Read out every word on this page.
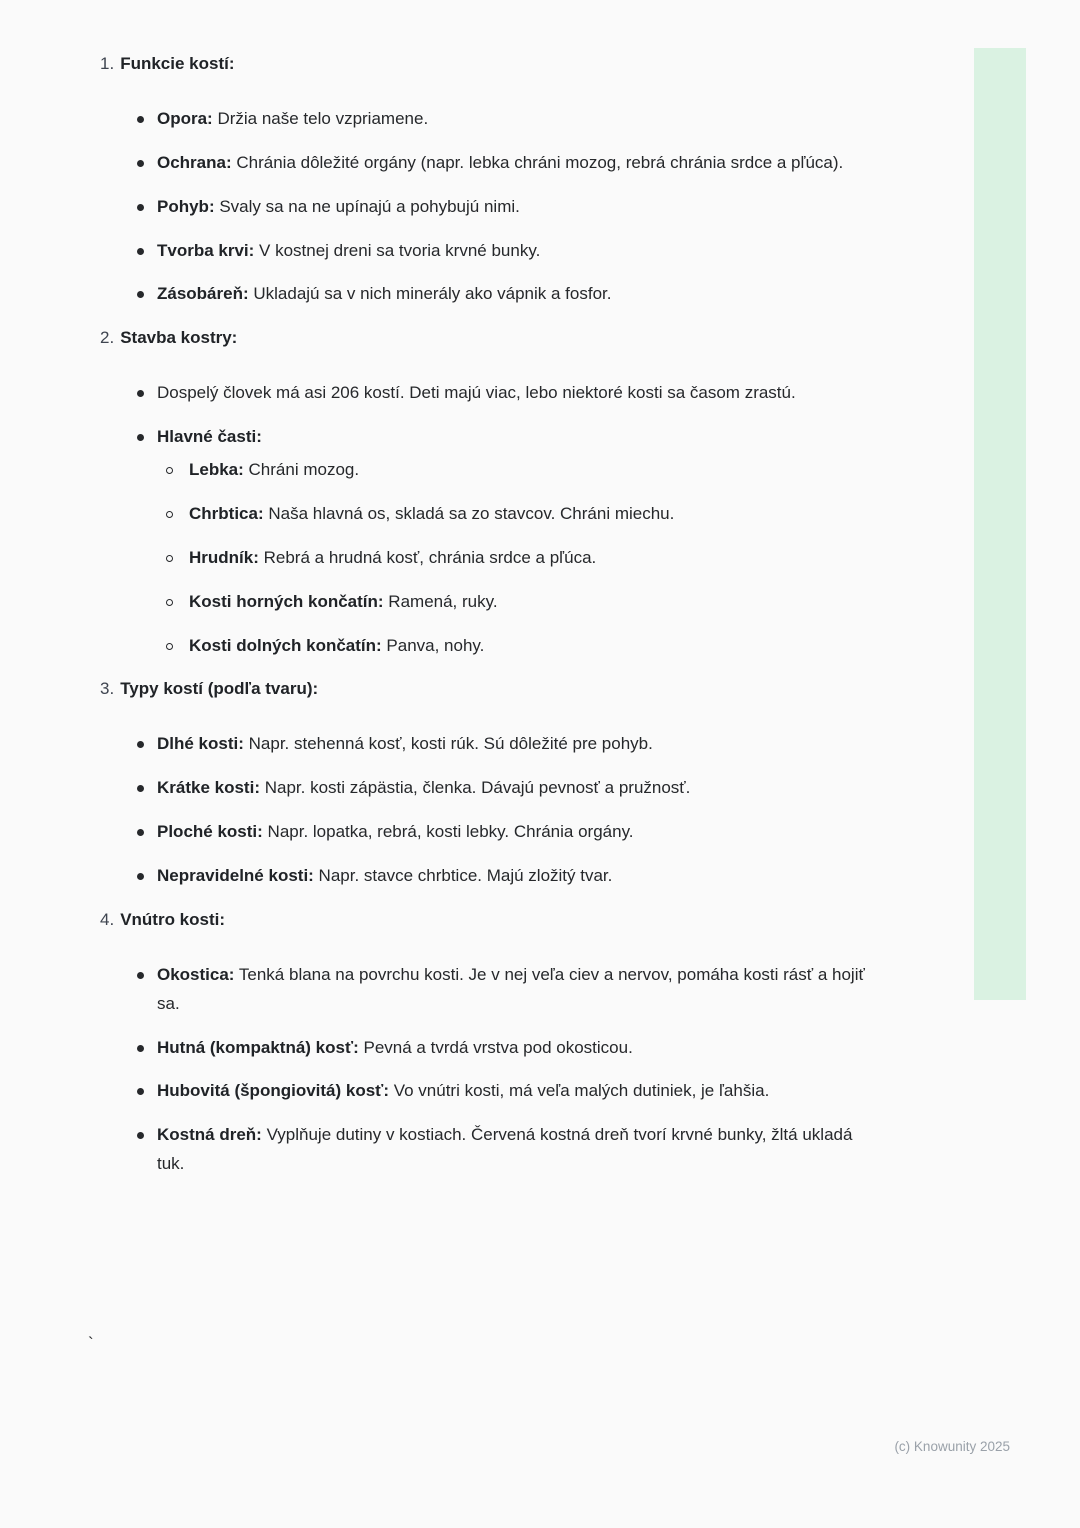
1. Funkcie kostí:
Opora: Držia naše telo vzpriamene.
Ochrana: Chránia dôležité orgány (napr. lebka chráni mozog, rebrá chránia srdce a pľúca).
Pohyb: Svaly sa na ne upínajú a pohybujú nimi.
Tvorba krvi: V kostnej dreni sa tvoria krvné bunky.
Zásobáreň: Ukladajú sa v nich minerály ako vápnik a fosfor.
2. Stavba kostry:
Dospelý človek má asi 206 kostí. Deti majú viac, lebo niektoré kosti sa časom zrastú.
Hlavné časti:
Lebka: Chráni mozog.
Chrbtica: Naša hlavná os, skladá sa zo stavcov. Chráni miechu.
Hrudník: Rebrá a hrudná kosť, chránia srdce a pľúca.
Kosti horných končatín: Ramená, ruky.
Kosti dolných končatín: Panva, nohy.
3. Typy kostí (podľa tvaru):
Dlhé kosti: Napr. stehenná kosť, kosti rúk. Sú dôležité pre pohyb.
Krátke kosti: Napr. kosti zápästia, členka. Dávajú pevnosť a pružnosť.
Ploché kosti: Napr. lopatka, rebrá, kosti lebky. Chránia orgány.
Nepravidelné kosti: Napr. stavce chrbtice. Majú zložitý tvar.
4. Vnútro kosti:
Okostica: Tenká blana na povrchu kosti. Je v nej veľa ciev a nervov, pomáha kosti rásť a hojiť sa.
Hutná (kompaktná) kosť: Pevná a tvrdá vrstva pod okosticou.
Hubovitá (špongiovitá) kosť: Vo vnútri kosti, má veľa malých dutiniek, je ľahšia.
Kostná dreň: Vyplňuje dutiny v kostiach. Červená kostná dreň tvorí krvné bunky, žltá ukladá tuk.
`
(c) Knowunity 2025
